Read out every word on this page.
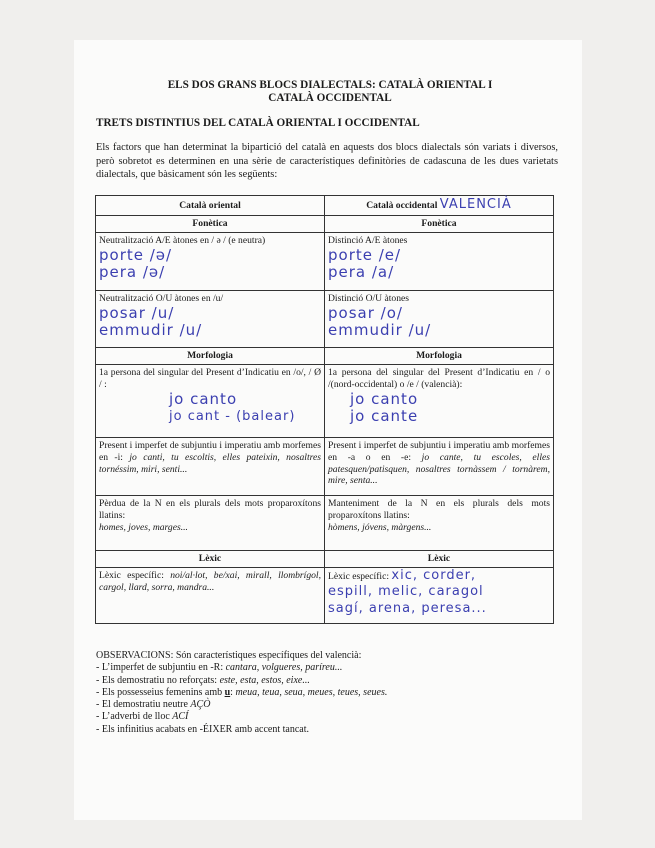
ELS DOS GRANS BLOCS DIALECTALS: CATALÀ ORIENTAL I CATALÀ OCCIDENTAL
TRETS DISTINTIUS DEL CATALÀ ORIENTAL I OCCIDENTAL
Els factors que han determinat la bipartició del català en aquests dos blocs dialectals són variats i diversos, però sobretot es determinen en una sèrie de característiques definitòries de cadascuna de les dues varietats dialectals, que bàsicament són les següents:
Català oriental	Català occidental VALENCIÀ
Fonètica	Fonètica

Neutralització A/E àtones en / ə / (e neutra)
porte /ə/
pera /ə/	Distinció A/E àtones
porte /e/
pera /a/

Neutralització O/U àtones en /u/
posar /u/
emmudir /u/	Distinció O/U àtones
posar /o/
emmudir /u/

Morfologia	Morfologia

1a persona del singular del Present d’Indicatiu en /o/, / Ø / :
jo canto
jo cant - (balear)	1a persona del singular del Present d’Indicatiu en / o /(nord-occidental) o /e / (valencià):
jo canto
jo cante

Present i imperfet de subjuntiu i imperatiu amb morfemes en -i: jo canti, tu escoltis, elles pateixin, nosaltres tornéssim, miri, senti...	Present i imperfet de subjuntiu i imperatiu amb morfemes en -a o en -e: jo cante, tu escoles, elles patesquen/patisquen, nosaltres tornàssem / tornàrem, mire, senta...

Pèrdua de la N en els plurals dels mots proparoxítons llatins:
homes, joves, marges...	Manteniment de la N en els plurals dels mots proparoxítons llatins:
hòmens, jóvens, màrgens...
Lèxic	Lèxic
Lèxic específic: noi/al·lot, be/xai, mirall, llombrígol, cargol, llard, sorra, mandra...	Lèxic específic: xic, corder,
espill, melic, caragol
sagí, arena, peresa...

OBSERVACIONS: Són característiques específiques del valencià:

- L’imperfet de subjuntiu en -R: cantara, volgueres, paríreu...

- Els demostratiu no reforçats: este, esta, estos, eixe...

- Els possesseius femenins amb u: meua, teua, seua, meues, teues, seues.

- El demostratiu neutre AÇÒ

- L’adverbi de lloc ACÍ

- Els infinitius acabats en -ÉIXER amb accent tancat.
